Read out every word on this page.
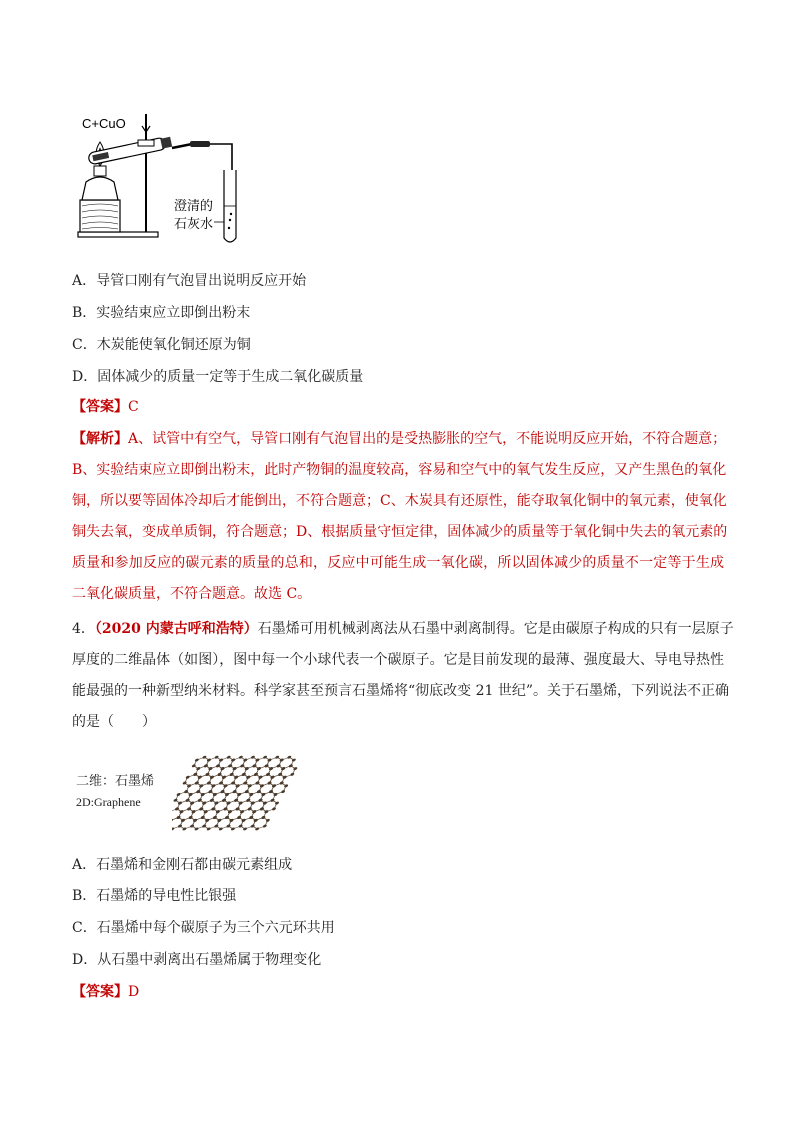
C+CuO
澄清的
石灰水
A．导管口刚有气泡冒出说明反应开始
B．实验结束应立即倒出粉末
C．木炭能使氧化铜还原为铜
D．固体减少的质量一定等于生成二氧化碳质量
【答案】C
【解析】A、试管中有空气，导管口刚有气泡冒出的是受热膨胀的空气，不能说明反应开始，不符合题意；
B、实验结束应立即倒出粉末，此时产物铜的温度较高，容易和空气中的氧气发生反应，又产生黑色的氧化
铜，所以要等固体冷却后才能倒出，不符合题意；C、木炭具有还原性，能夺取氧化铜中的氧元素，使氧化
铜失去氧，变成单质铜，符合题意；D、根据质量守恒定律，固体减少的质量等于氧化铜中失去的氧元素的
质量和参加反应的碳元素的质量的总和，反应中可能生成一氧化碳，所以固体减少的质量不一定等于生成
二氧化碳质量，不符合题意。故选 C。
4．（2020 内蒙古呼和浩特）石墨烯可用机械剥离法从石墨中剥离制得。它是由碳原子构成的只有一层原子
厚度的二维晶体（如图），图中每一个小球代表一个碳原子。它是目前发现的最薄、强度最大、导电导热性
能最强的一种新型纳米材料。科学家甚至预言石墨烯将“彻底改变 21 世纪”。关于石墨烯，下列说法不正确
的是（　　）
二维：石墨烯
2D:Graphene
A．石墨烯和金刚石都由碳元素组成
B．石墨烯的导电性比银强
C．石墨烯中每个碳原子为三个六元环共用
D．从石墨中剥离出石墨烯属于物理变化
【答案】D
